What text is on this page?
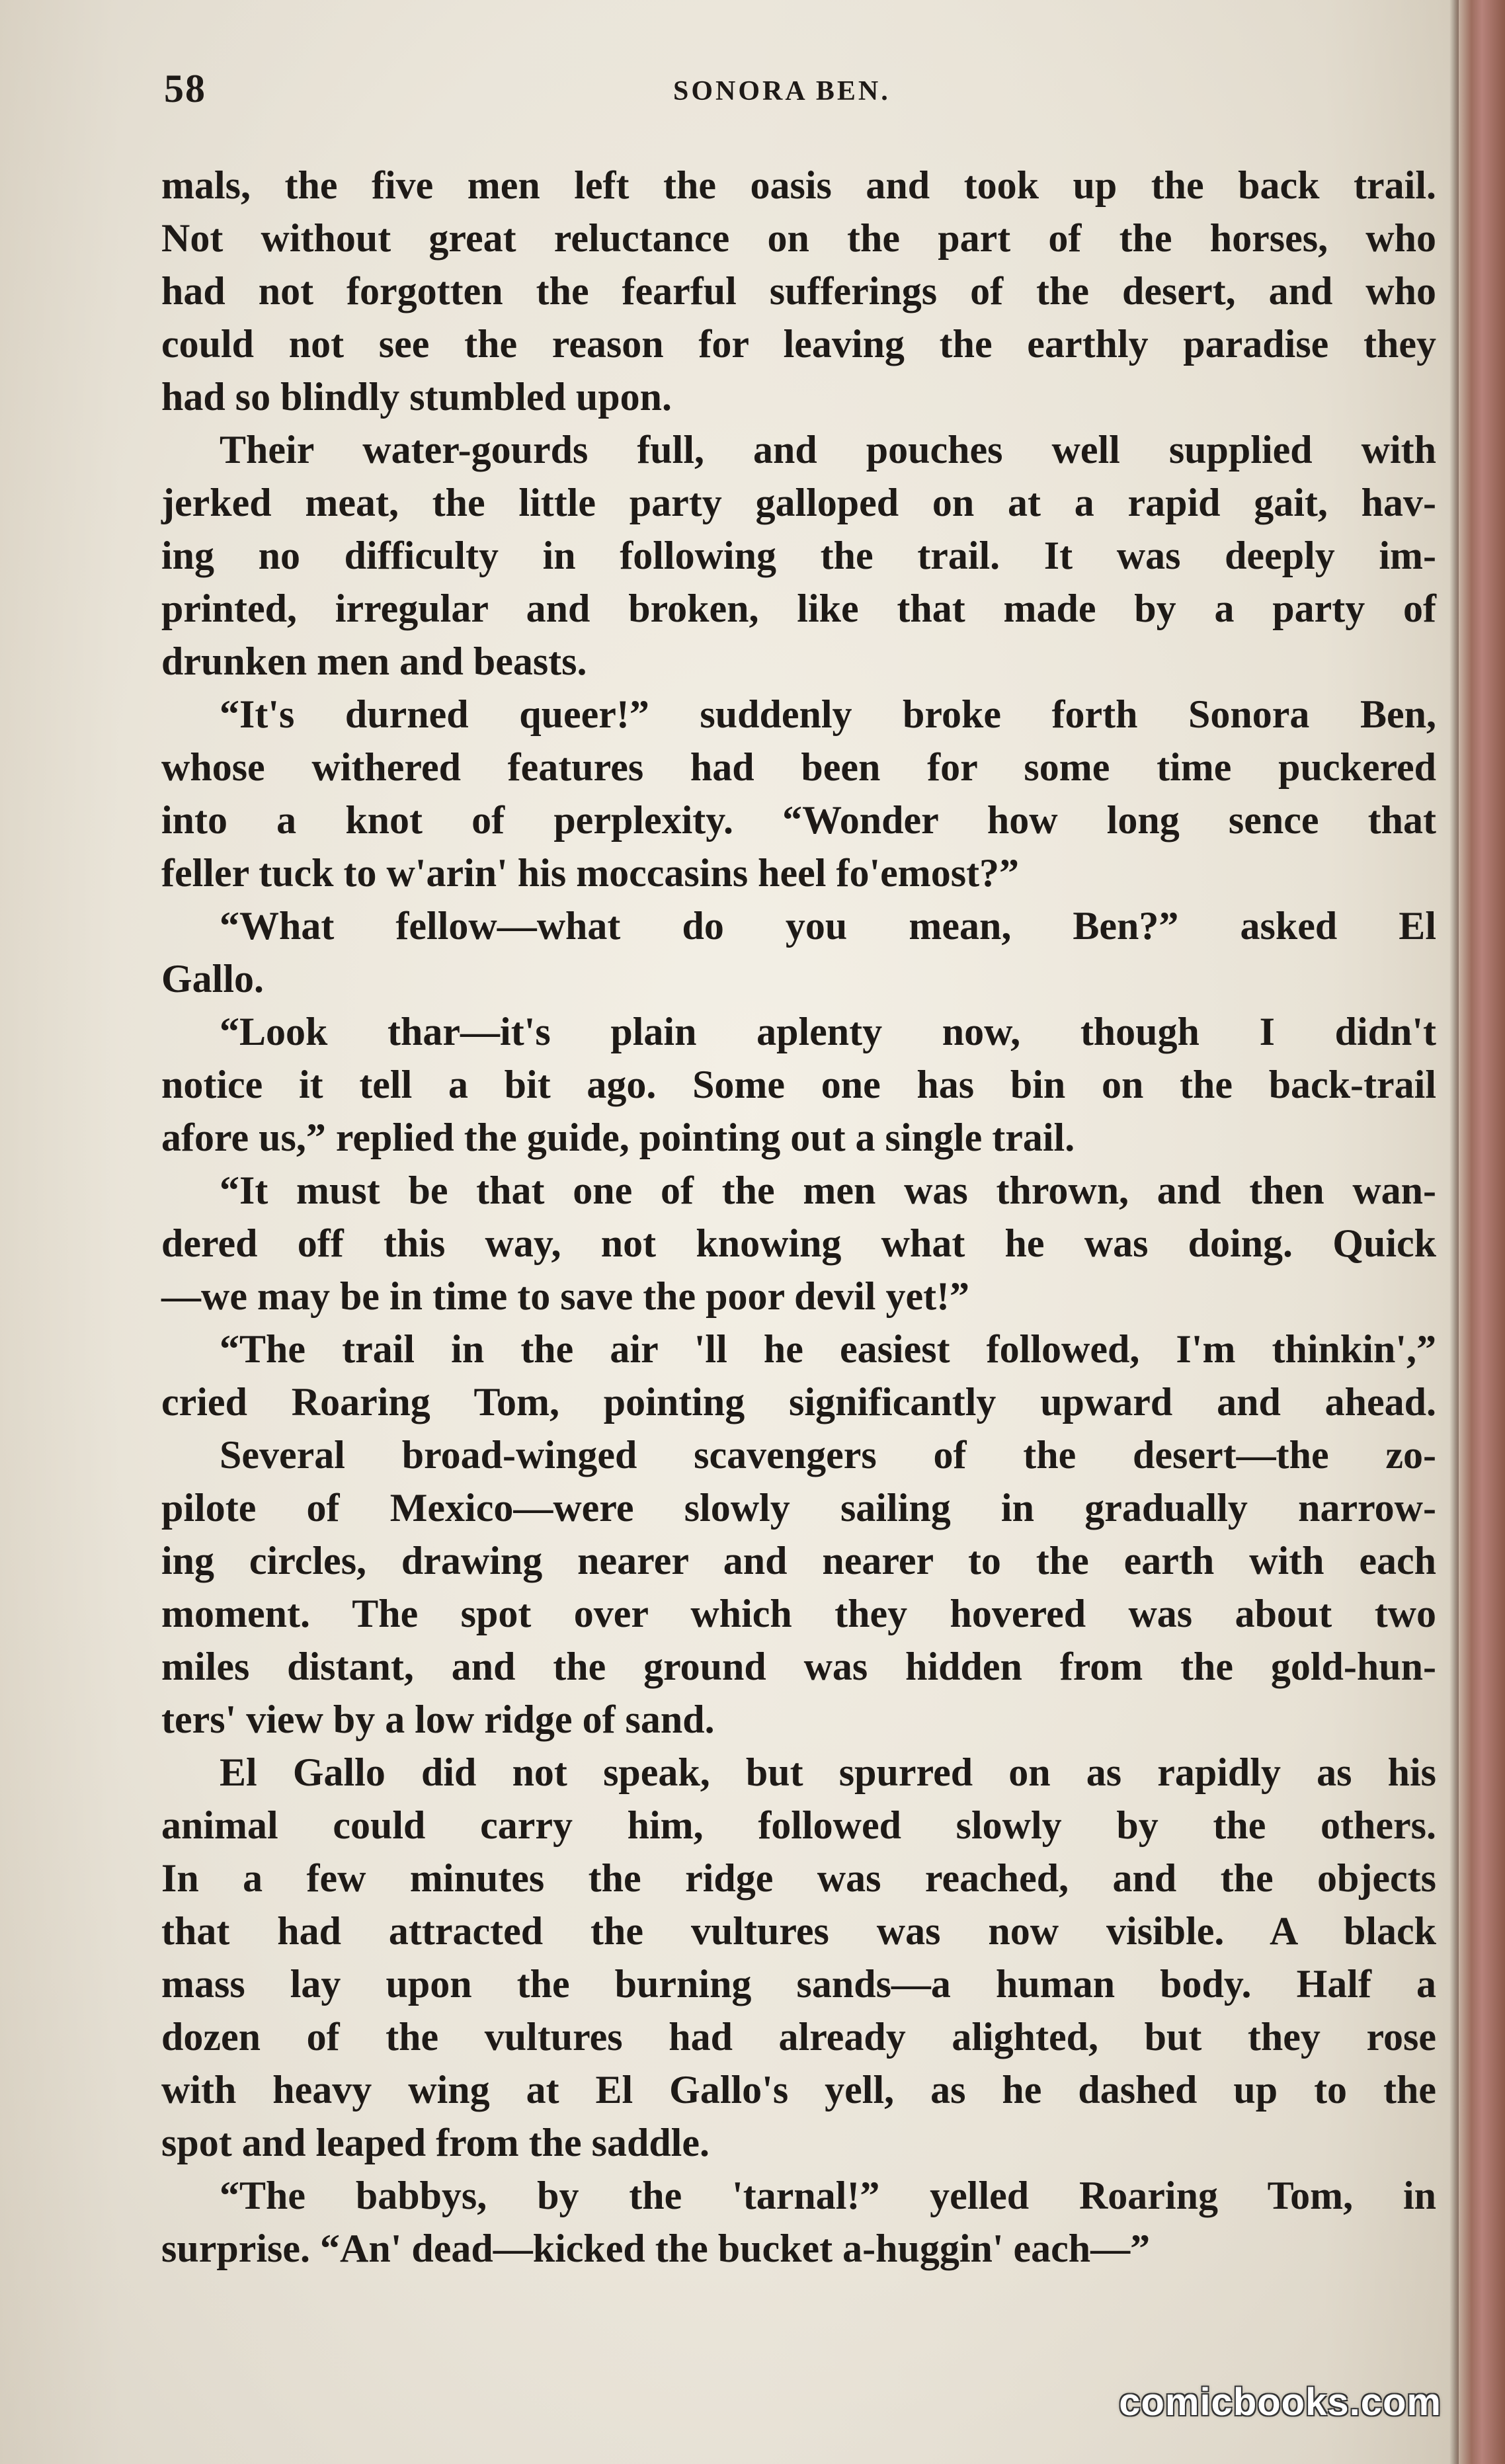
58	SONORA BEN.

mals, the five men left the oasis and took up the back trail.

Not without great reluctance on the part of the horses, who

had not forgotten the fearful sufferings of the desert, and who

could not see the reason for leaving the earthly paradise they

had so blindly stumbled upon.

Their water-gourds full, and pouches well supplied with

jerked meat, the little party galloped on at a rapid gait, hav-

ing no difficulty in following the trail. It was deeply im-

printed, irregular and broken, like that made by a party of

drunken men and beasts.

“It's durned queer!” suddenly broke forth Sonora Ben,

whose withered features had been for some time puckered

into a knot of perplexity. “Wonder how long sence that

feller tuck to w'arin' his moccasins heel fo'emost?”

“What fellow—what do you mean, Ben?” asked El

Gallo.

“Look thar—it's plain aplenty now, though I didn't

notice it tell a bit ago. Some one has bin on the back-trail

afore us,” replied the guide, pointing out a single trail.

“It must be that one of the men was thrown, and then wan-

dered off this way, not knowing what he was doing. Quick

—we may be in time to save the poor devil yet!”

“The trail in the air 'll he easiest followed, I'm thinkin',”

cried Roaring Tom, pointing significantly upward and ahead.

Several broad-winged scavengers of the desert—the zo-

pilote of Mexico—were slowly sailing in gradually narrow-

ing circles, drawing nearer and nearer to the earth with each

moment. The spot over which they hovered was about two

miles distant, and the ground was hidden from the gold-hun-

ters' view by a low ridge of sand.

El Gallo did not speak, but spurred on as rapidly as his

animal could carry him, followed slowly by the others.

In a few minutes the ridge was reached, and the objects

that had attracted the vultures was now visible. A black

mass lay upon the burning sands—a human body. Half a

dozen of the vultures had already alighted, but they rose

with heavy wing at El Gallo's yell, as he dashed up to the

spot and leaped from the saddle.

“The babbys, by the 'tarnal!” yelled Roaring Tom, in

surprise. “An' dead—kicked the bucket a-huggin' each—”

comicbooks.com
